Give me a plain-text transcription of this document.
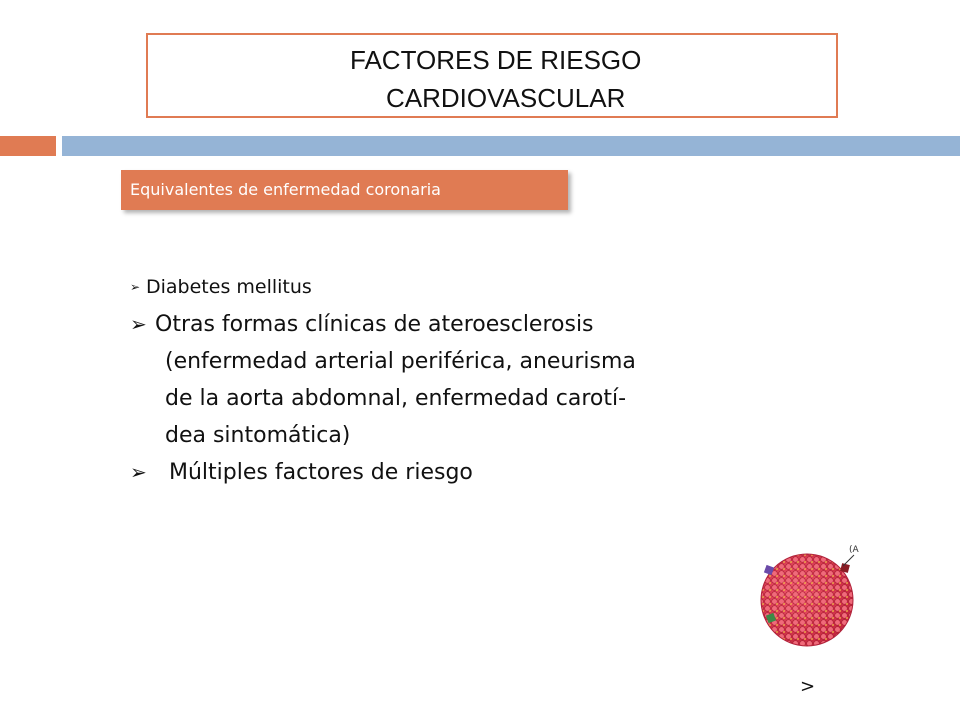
FACTORES DE RIESGO
CARDIOVASCULAR
Equivalentes de enfermedad coronaria
➢ Diabetes mellitus
➢ Otras formas clínicas de ateroesclerosis
(enfermedad arterial periférica, aneurisma
de la aorta abdomnal, enfermedad carotí-
dea sintomática)
➢ Múltiples factores de riesgo
(A
>
